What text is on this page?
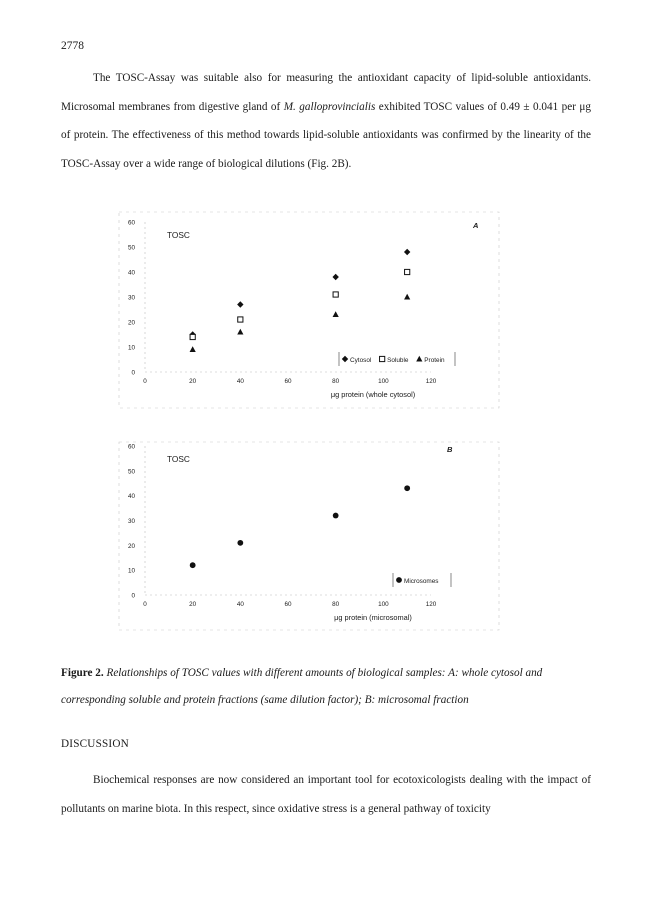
2778
The TOSC-Assay was suitable also for measuring the antioxidant capacity of lipid-soluble antioxidants. Microsomal membranes from digestive gland of M. galloprovincialis exhibited TOSC values of 0.49 ± 0.041 per μg of protein. The effectiveness of this method towards lipid-soluble antioxidants was confirmed by the linearity of the TOSC-Assay over a wide range of biological dilutions (Fig. 2B).
0
10
20
30
40
50
60
0	20	40	60	80	100	120
μg protein (whole cytosol)
TOSC
A
Cytosol Soluble Protein
0
10
20
30
40
50
60
0	20	40	60	80	100	120
μg protein (microsomal)
TOSC
B
Microsomes
Figure 2. Relationships of TOSC values with different amounts of biological samples: A: whole cytosol and corresponding soluble and protein fractions (same dilution factor); B: microsomal fraction
DISCUSSION
Biochemical responses are now considered an important tool for ecotoxicologists dealing with the impact of pollutants on marine biota. In this respect, since oxidative stress is a general pathway of toxicity
